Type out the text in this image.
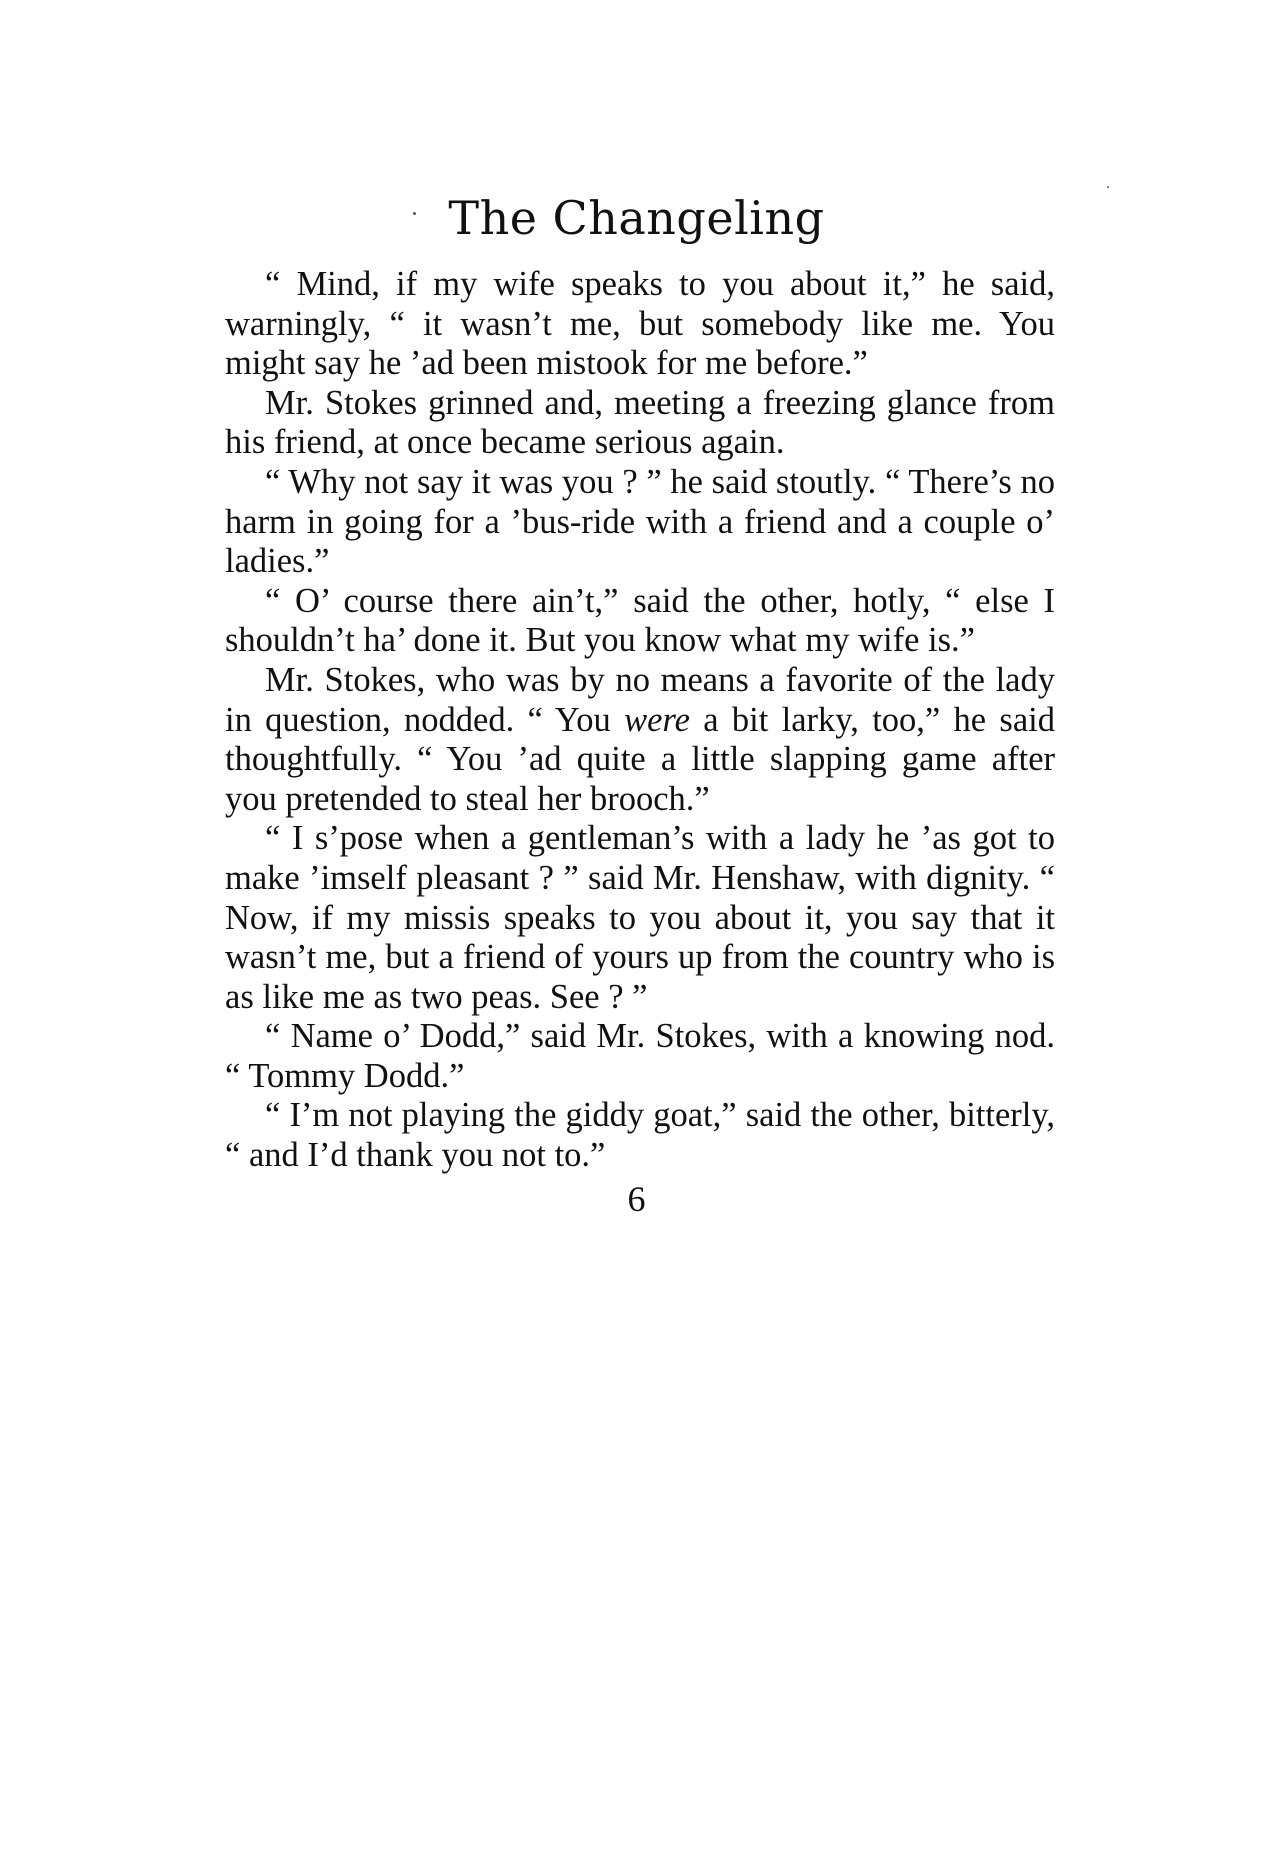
The Changeling

“ Mind, if my wife speaks to you about it,” he said, warningly, “ it wasn’t me, but somebody like me. You might say he ’ad been mistook for me before.”

Mr. Stokes grinned and, meeting a freezing glance from his friend, at once became serious again.

“ Why not say it was you ? ” he said stoutly. “ There’s no harm in going for a ’bus-ride with a friend and a couple o’ ladies.”

“ O’ course there ain’t,” said the other, hotly, “ else I shouldn’t ha’ done it. But you know what my wife is.”

Mr. Stokes, who was by no means a favorite of the lady in question, nodded. “ You were a bit larky, too,” he said thoughtfully. “ You ’ad quite a little slapping game after you pretended to steal her brooch.”

“ I s’pose when a gentleman’s with a lady he ’as got to make ’imself pleasant ? ” said Mr. Henshaw, with dignity. “ Now, if my missis speaks to you about it, you say that it wasn’t me, but a friend of yours up from the country who is as like me as two peas. See ? ”

“ Name o’ Dodd,” said Mr. Stokes, with a knowing nod. “ Tommy Dodd.”

“ I’m not playing the giddy goat,” said the other, bitterly, “ and I’d thank you not to.”

6
